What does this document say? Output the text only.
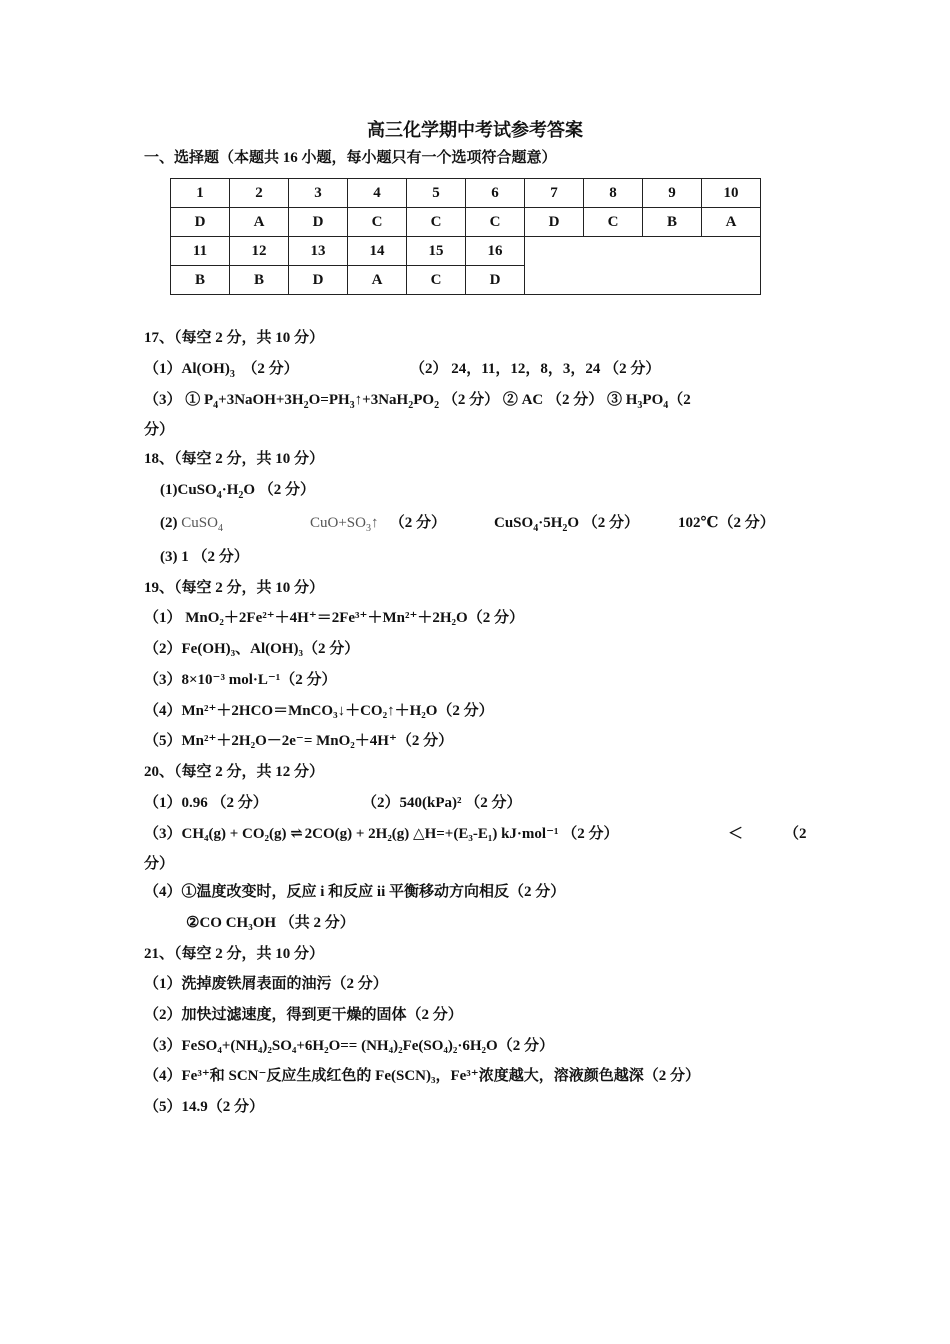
高三化学期中考试参考答案
一、选择题（本题共 16 小题，每小题只有一个选项符合题意）
1	2	3	4	5	6	7	8	9	10
D	A	D	C	C	C	D	C	B	A
11	12	13	14	15	16				
B	B	D	A	C	D				
17、（每空 2 分，共 10 分）
$(1)Al(OH)_3$ （2 分）	（2） 24，11，12，8，3，24 （2 分）
（3） ① $P_4+3NaOH+3H_2O=PH_3↑+3NaH_2PO_2$ （2 分） ② AC （2 分） ③ $H_3PO_4(2$
分）
18、（每空 2 分，共 10 分）
$(1)CuSO_4\cdot H_2O$ （2 分）
(2) CuSO$_4$	$CuO+SO_3↑$ （2 分）	$CuSO_4\cdot 5H_2O$ （2 分）	102℃（2 分）
(3) 1 （2 分）
19、（每空 2 分，共 10 分）
（1） MnO₂＋2Fe²⁺＋4H⁺＝2Fe³⁺＋Mn²⁺＋2H₂O（2 分）
（2）Fe(OH)₃、Al(OH)₃（2 分）
（3）8×10⁻³ mol·L⁻¹（2 分）
（4）Mn²⁺＋2HCO＝MnCO₃↓＋CO₂↑＋H₂O（2 分）
（5）Mn²⁺＋2H₂O－2e⁻= MnO₂＋4H⁺（2 分）
20、（每空 2 分，共 12 分）
（1）0.96 （2 分）	（2）540(kPa)² （2 分）
（3）CH₄(g) + CO₂(g) ⇌ 2CO(g) + 2H₂(g) △H=+(E₃-E₁) kJ·mol⁻¹ （2 分）	＜	（2
分）
（4）①温度改变时，反应 i 和反应 ii 平衡移动方向相反（2 分）
②CO CH₃OH （共 2 分）
21、（每空 2 分，共 10 分）
（1）洗掉废铁屑表面的油污（2 分）
（2）加快过滤速度，得到更干燥的固体（2 分）
（3）FeSO₄+(NH₄)₂SO₄+6H₂O== (NH₄)₂Fe(SO₄)₂·6H₂O（2 分）
（4）Fe³⁺和 SCN⁻反应生成红色的 Fe(SCN)₃，Fe³⁺浓度越大，溶液颜色越深（2 分）
（5）14.9（2 分）
